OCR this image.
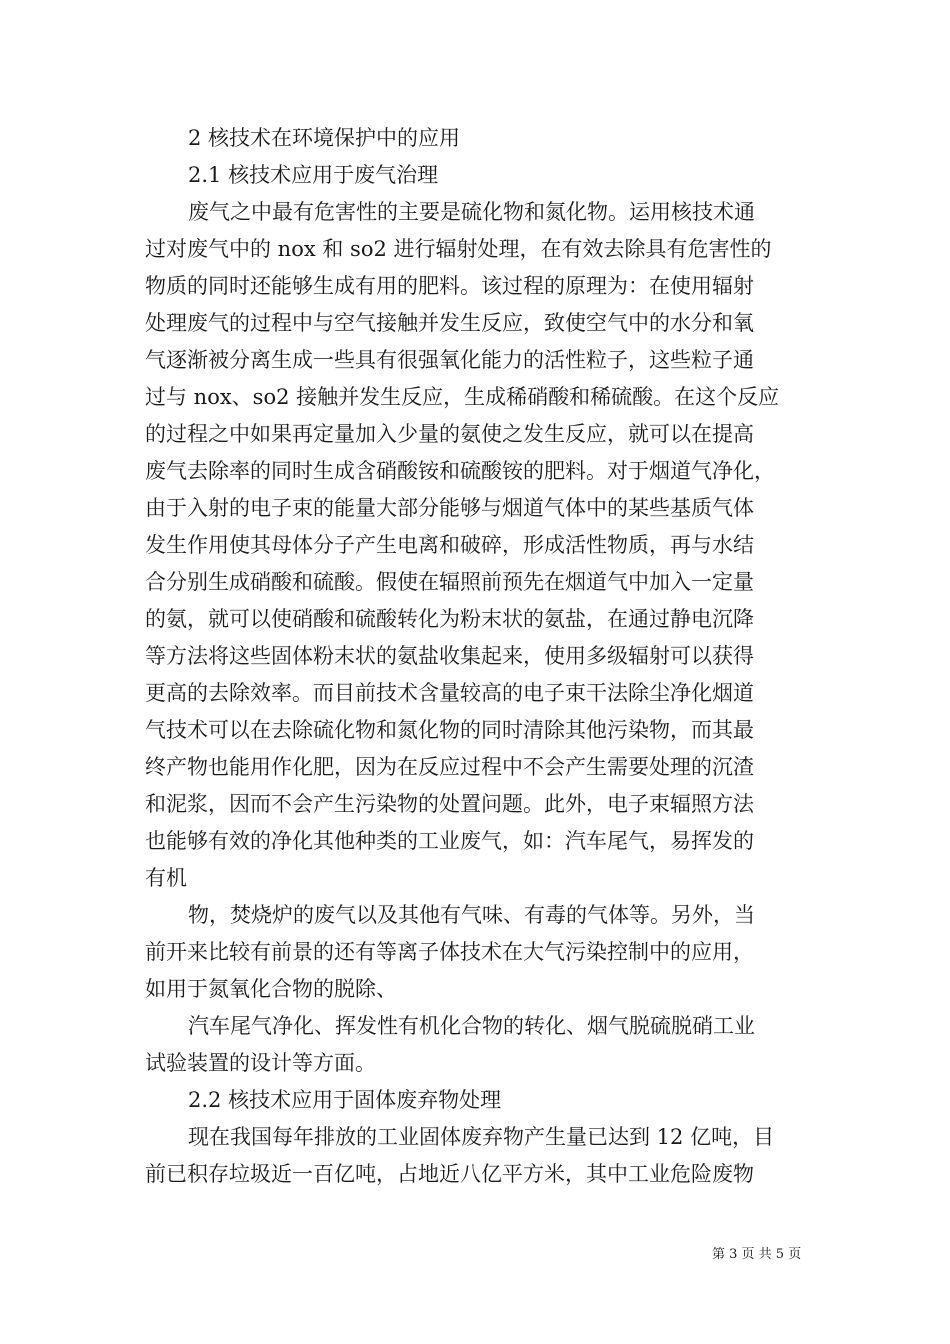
2 核技术在环境保护中的应用
2.1 核技术应用于废气治理
废气之中最有危害性的主要是硫化物和氮化物。运用核技术通
过对废气中的 nox 和 so2 进行辐射处理，在有效去除具有危害性的
物质的同时还能够生成有用的肥料。该过程的原理为：在使用辐射
处理废气的过程中与空气接触并发生反应，致使空气中的水分和氧
气逐渐被分离生成一些具有很强氧化能力的活性粒子，这些粒子通
过与 nox、so2 接触并发生反应，生成稀硝酸和稀硫酸。在这个反应
的过程之中如果再定量加入少量的氨使之发生反应，就可以在提高
废气去除率的同时生成含硝酸铵和硫酸铵的肥料。对于烟道气净化，
由于入射的电子束的能量大部分能够与烟道气体中的某些基质气体
发生作用使其母体分子产生电离和破碎，形成活性物质，再与水结
合分别生成硝酸和硫酸。假使在辐照前预先在烟道气中加入一定量
的氨，就可以使硝酸和硫酸转化为粉末状的氨盐，在通过静电沉降
等方法将这些固体粉末状的氨盐收集起来，使用多级辐射可以获得
更高的去除效率。而目前技术含量较高的电子束干法除尘净化烟道
气技术可以在去除硫化物和氮化物的同时清除其他污染物，而其最
终产物也能用作化肥，因为在反应过程中不会产生需要处理的沉渣
和泥浆，因而不会产生污染物的处置问题。此外，电子束辐照方法
也能够有效的净化其他种类的工业废气，如：汽车尾气，易挥发的
有机
物，焚烧炉的废气以及其他有气味、有毒的气体等。另外，当
前开来比较有前景的还有等离子体技术在大气污染控制中的应用，
如用于氮氧化合物的脱除、
汽车尾气净化、挥发性有机化合物的转化、烟气脱硫脱硝工业
试验装置的设计等方面。
2.2 核技术应用于固体废弃物处理
现在我国每年排放的工业固体废弃物产生量已达到 12 亿吨，目
前已积存垃圾近一百亿吨，占地近八亿平方米，其中工业危险废物
第 3 页 共 5 页
